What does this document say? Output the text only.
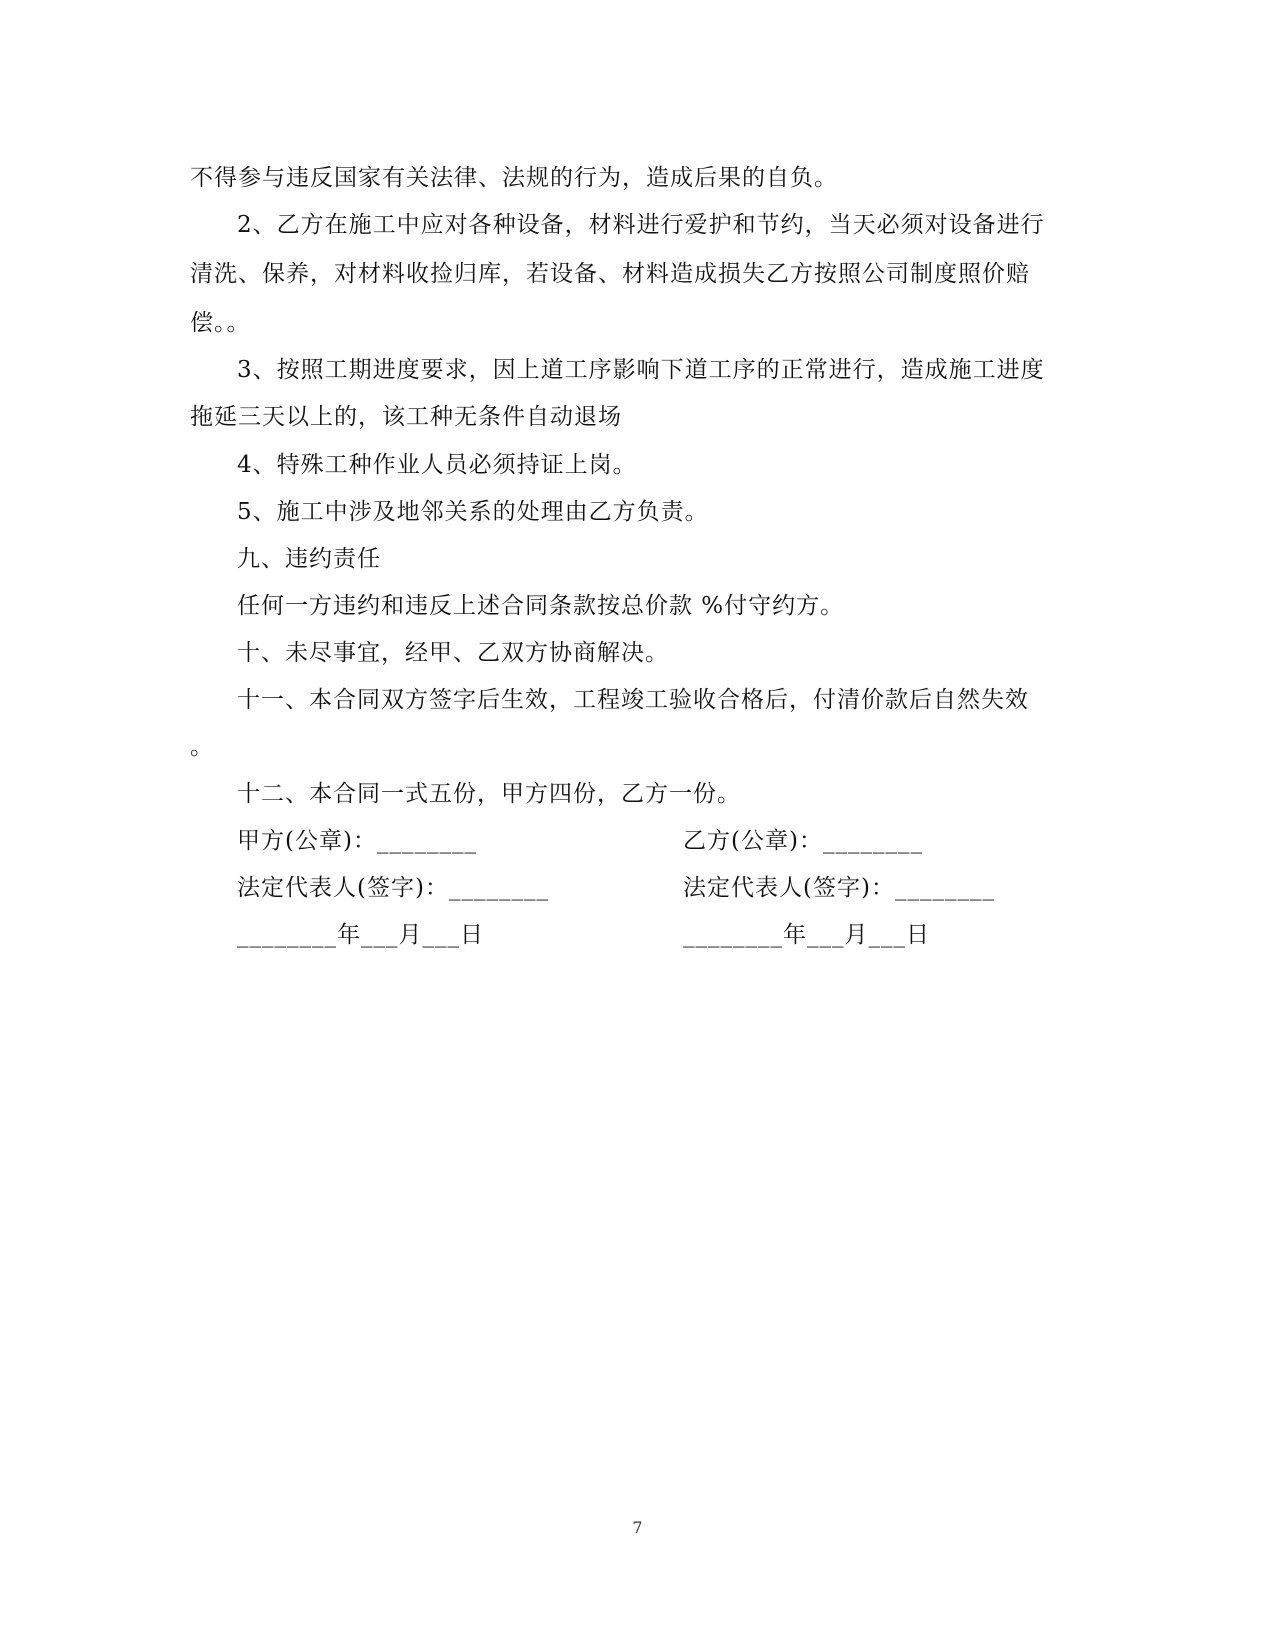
不得参与违反国家有关法律、法规的行为，造成后果的自负。
2、乙方在施工中应对各种设备，材料进行爱护和节约，当天必须对设备进行
清洗、保养，对材料收捡归库，若设备、材料造成损失乙方按照公司制度照价赔
偿。。
3、按照工期进度要求，因上道工序影响下道工序的正常进行，造成施工进度
拖延三天以上的，该工种无条件自动退场
4、特殊工种作业人员必须持证上岗。
5、施工中涉及地邻关系的处理由乙方负责。
九、违约责任
任何一方违约和违反上述合同条款按总价款 %付守约方。
十、未尽事宜，经甲、乙双方协商解决。
十一、本合同双方签字后生效，工程竣工验收合格后，付清价款后自然失效
。
十二、本合同一式五份，甲方四份，乙方一份。
甲方(公章)：________	乙方(公章)：________
法定代表人(签字)：________	法定代表人(签字)：________
________年___月___日	________年___月___日
7
